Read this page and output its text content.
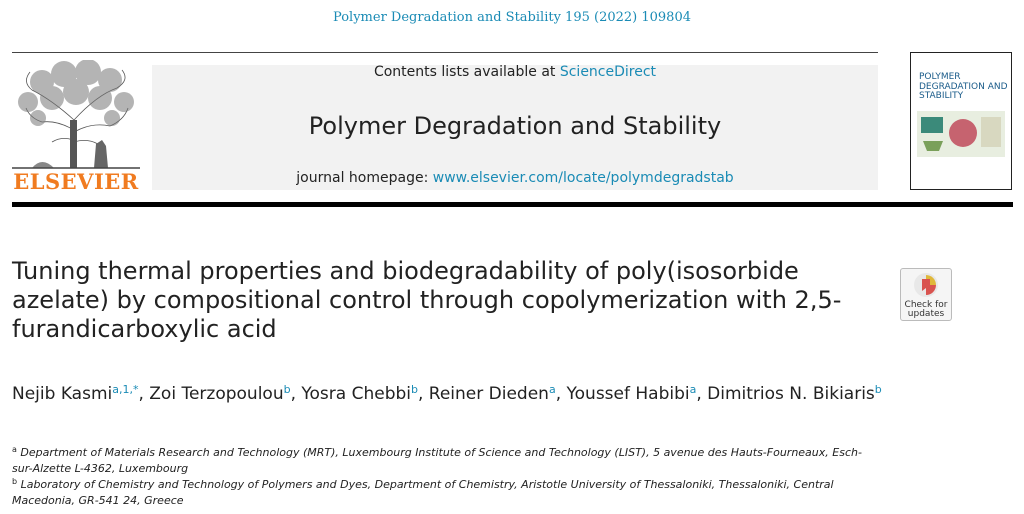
Polymer Degradation and Stability 195 (2022) 109804
ELSEVIER
Contents lists available at ScienceDirect
Polymer Degradation and Stability
journal homepage: www.elsevier.com/locate/polymdegradstab
POLYMER DEGRADATION AND STABILITY
Tuning thermal properties and biodegradability of poly(isosorbide azelate) by compositional control through copolymerization with 2,5-furandicarboxylic acid
Check for updates
Nejib Kasmi$^{a,1,*}$, Zoi Terzopoulou$^b$, Yosra Chebbi$^b$, Reiner Dieden$^a$, Youssef Habibi$^a$, Dimitrios N. Bikiaris$^b$
$^a$ Department of Materials Research and Technology (MRT), Luxembourg Institute of Science and Technology (LIST), 5 avenue des Hauts-Fourneaux, Esch-sur-Alzette L-4362, Luxembourg
$^b$ Laboratory of Chemistry and Technology of Polymers and Dyes, Department of Chemistry, Aristotle University of Thessaloniki, Thessaloniki, Central Macedonia, GR-541 24, Greece
